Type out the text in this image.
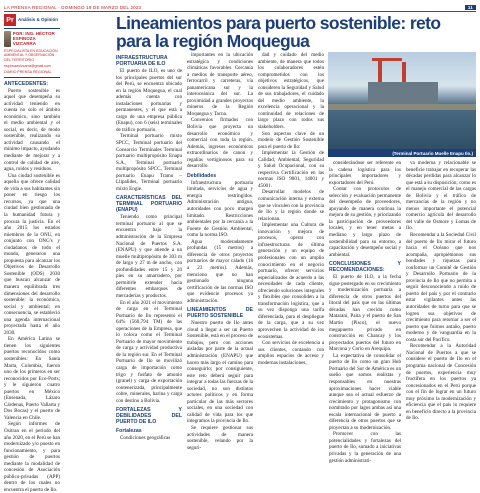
LA PRENSA REGIONAL · DOMINGO 19 DE MARZO DEL 2023	11
Pr Análisis & Opinión
POR: ING. HÉCTOR ESPINOZA VIZCARRA
ESPECIALISTA EN EDUCACIÓN AMBIENTAL Y OBSERVACIÓN DEL TERRITORIO
espinozavizcarra@gmail.com
DIARIO PRENSA REGIONAL
ANTECEDENTES:

Puerto sostenible es aquel que desempeña su actividad teniendo en cuenta no solo el ámbito económico, sino también el medio ambiental y el social, es decir, de modo sostenible, realizando su actividad causando el mínimo impacto, ayudando mediante de mejorar y a control de calidad de aire, agua, ruidos y residuos.

Una ciudad sostenible es aquella que ofrece calidad de vida a sus habitantes sin poner en riesgo los recursos, ya que una ciudad bien gestionada de la humanidad futura y procura la justicia. En el año 2015 los estados miembros de la ONU, en conjunto con ONG's y ciudadanos de todo el mundo, generaron una propuesta para alcanzar los Objetivos de Desarrollo Sostenible (ODS) 2030 que buscan alcanzar de manera equilibrada tres dimensiones del desarrollo sostenible: la económica, social y ambiental; en consecuencia, se estableció una agenda internacional proyectada hasta el año 2030.

En América Latina se tienen los siguientes puertos reconocidos como sostenibles: En Santa Marta, Colombia, fueron uno de los primeros en ser reconocidos por Eco-Ports; y le siguieron cuatro puertos en México (Ensenada, Lázaro Cárdenas, Puerto Vallarta y Dos Bocas) y el puerto de Valencia en Chile.

Según informes de Ositran en el periodo del año 2020, en el Perú se han modernizado y/o puesto en funcionamiento, y para gestión de puertos mediante la modalidad de concesión de Asociación público-privadas (APP) dentro de los cuales no encuentra el puerto de Ilo.

Lineamientos para puerto sostenible: reto para la región Moquegua
INFRAESTRUCTURA PORTUARIA DE ILO

El puerto de ILO, es uno de los principales puertos del sur del Perú, se encuentra ubicado en la región Moquegua, el cual además cuenta con instalaciones portuarias y permanentes, y el que está a cargo de una empresa pública (Enapu), con 6 (seis) terminales de tráfico portuario.

Terminal portuario mixto SPCC, Terminal portuario del Consorcio Terminales Terminal portuario multipropósito Enapu S.A., Terminal portuario multipropósito SPCC, Terminal portuario Enapu Tramo – Llipalides, Terminal portuario mixto Engie.

CARACTERÍSTICAS DEL TERMINAL PORTUARIO (ENAPU)

Teniendo como principal terminal portuario al que se encuentra bajo la administración de la Empresa Nacional de Puertos S.A. (ENAPU) y que atiende a un muelle multipropósito de 303 m de largo y 27 m de ancho, con profundidades entre 15 y 20 pies en su amarradero, por permitirle extender hacia diferentes embarques de mercaderías y productos.

En el año 2021 el movimiento de carga en el Terminal Portuario de Ilo representó el 64% (560,794 TM) de las operaciones de la Empresa, que lo coloca como el Terminal Portuario de mayor movimiento de carga y actividad productiva de la región sur. En el Terminal Portuario de Ilo se movilizó carga de importación como trigo y fosfato de amonio (granel) y carga de exportación contenerizada, principalmente cobre, minerales, harina y carga con destino a Bolivia.

FORTALEZAS Y DEBILIDADES DEL PUERTO DE ILO
Fortalezas

Condiciones geográficas

importantes en la ubicación estratégica y condiciones climáticas favorables. Cercanía a medios de transporte aéreo, ferrocarril y carreteras, vía panamericana sur y la interoceánica del sur. La proximidad a grandes proyectos mineros de la Región Moquegua y Tacna.

Convenios firmados con Bolivia que proyecta un desarrollo económico y comercial con toda la región. Además, ingresos económicos extraordinarios de canon y regalías vertiginosos para su desarrollo.

Debilidades

Infraestructura portuaria limitada, servicios de agua y energía restringidos. Administración antigua, autoridades con poco margen limitado. Restricciones ambientales por la cercanía a la Fuente de Gestión Ambiental, como la norma ISO.

Agua moderadamente profundas (15 metros) a diferencia de otros proyectos portuarios de mayor calado (18 a 23 metros). Además, menciono que no han gestionado ninguna certificación de las normas ISO que evidencie procesos ya administración.

LINEAMIENTOS DE PUERTO SOSTENIBLE

Nuestro puerto de Ilo antes cloud a llegar a ser un Puerto Sostenible, está en el proceso de trabajos, pero con acciones aisladas por parte de la actual administración (ENAPU) que hacen más largo el camino para conseguirlo; por consiguiente, este reto deberá seguir para integrar a todas las fuerzas de la sociedad, no son distintos actores políticos y en forma particular de las más sectores sociales, en una sociedad con calidad de vida para los que integramos la provincia de Ilo.

Se requiere gestionar sus actividades de manera sostenible, velando por la seguri-

dad y cuidado del medio ambiente, de manera que todos los colaboradores estén comprometidos con los objetivos estratégicos, que consideren la Seguridad y Salud de sus trabajadores, el cuidado del medio ambiente, la excelencia operacional y la continuidad de relaciones de largo plazo con todos sus stakeholders.

Son aspectos clave de un modelo de Gestión Sostenible para el puerto de Ilo:

Implementar la Gestión de Calidad, Ambiental, Seguridad y Salud Ocupacional, con su respectiva Certificación en las normas ISO 9001, 14001 y 45001.

Desarrollar modelos de comunicación interna y externa que se vinculen con la provincia de Ilo y la región donde se relacionan.

Implementar una Cultura de innovación y mejora de procesos, operar con infraestructuras de última generación y un equipo de profesionales con un amplio conocimiento en el negocio portuario, ofrecer servicios especializados de acuerdo a las necesidades de cada cliente, ofreciendo soluciones integrales y flexibles que consoliden a la transformación logística, que a su vez disponga una tarifa diferenciada, para el despliegue de la carga, que a su vez aprovechen la actividad de los ecosistemas.

Con servicios de excelencia a sus clientes, contando con amplios espacios de acceso y modernas instalaciones,

(Terminal Portuario Muelle Enapu Ilo.)

considerándose ser referente en la cadena logística para los principales importadores y exportadores del Perú.

Contar con protocolos de selección y evaluación permanente del desempeño de proveedores, apoyando de manera continua la mejora de su gestión, y priorizando la participación de proveedores locales, y en tener metas a mediano y largo plazo de sostenibilidad para su entorno, a capacitación y desempeño social y ambiental.

CONCLUSIONES Y RECOMENDACIONES:

El puerto de ILO, a la fecha sigue postergado en su crecimiento y modernización portuaria a diferencia de otros puertos del litoral del país que en las últimas décadas han crecido como Matarani, Paita y el puerto de San Martín (Pisco), el nuevo megapuerto privado en construcción en Chancay y los proyectados puertos del futuro en Marcona y Corio en Arequipa.

La expectativa de consolidar el puerto de Ilo como un gran Hub Portuario del Sur de América es un sueño que somos realistas y responsables en nuestras aproximaciones hacer viable aunque sea el actual esfuerzo de crecimiento y protagonismo con nombrado por lagos ambas así una escala internacional de puerto a diferencia de otros puertos que se proyectan a su modernización.

Promover con las potencialidades y fortalezas del puerto de Ilo, sumado a iniciativas privadas y la generación de una gestión administrati-

va moderna y relacionable se beneficie trabajar en recuperar las décadas perdidas para alcanzar lo que está a su disposición; como es el manejo comercial de las cargas de Bolivia y el tráfico de mercancías de la región y no menos importante el potencial comercio agrícola del desarrollo del valle de Osmore y Lomas de Ilo.

Recomendar a la Sociedad Civil del puerto de Ilo mirar el futuro hacia el Océano que nos acompaña, apropiémonos sus bondades y riquezas para conformar un Comité de Gestión y Desarrollo Portuario de la provincia de Ilo que no permita a seguir desconociendo a ruido de puerto del país y por el contrario estar vigilantes antes las autoridades de turno para que se logren sus objetivos de crecimiento para retornar a ser el puerto que fuimos antaño, puerto moderno y de vanguardia en la costa sur del Pacífico.

Recomendar a la Autoridad Nacional de Puertos a que se considere el puerto de Ilo en el programa nacional de Concesión de puertos, experiencia muy fructífera en los puertos ya concesionados en el Perú porque con el fin de lograr en un futuro muy próximo la modernización y eficiencia que el país lo requiere en beneficio directo a la provincia de Ilo.
